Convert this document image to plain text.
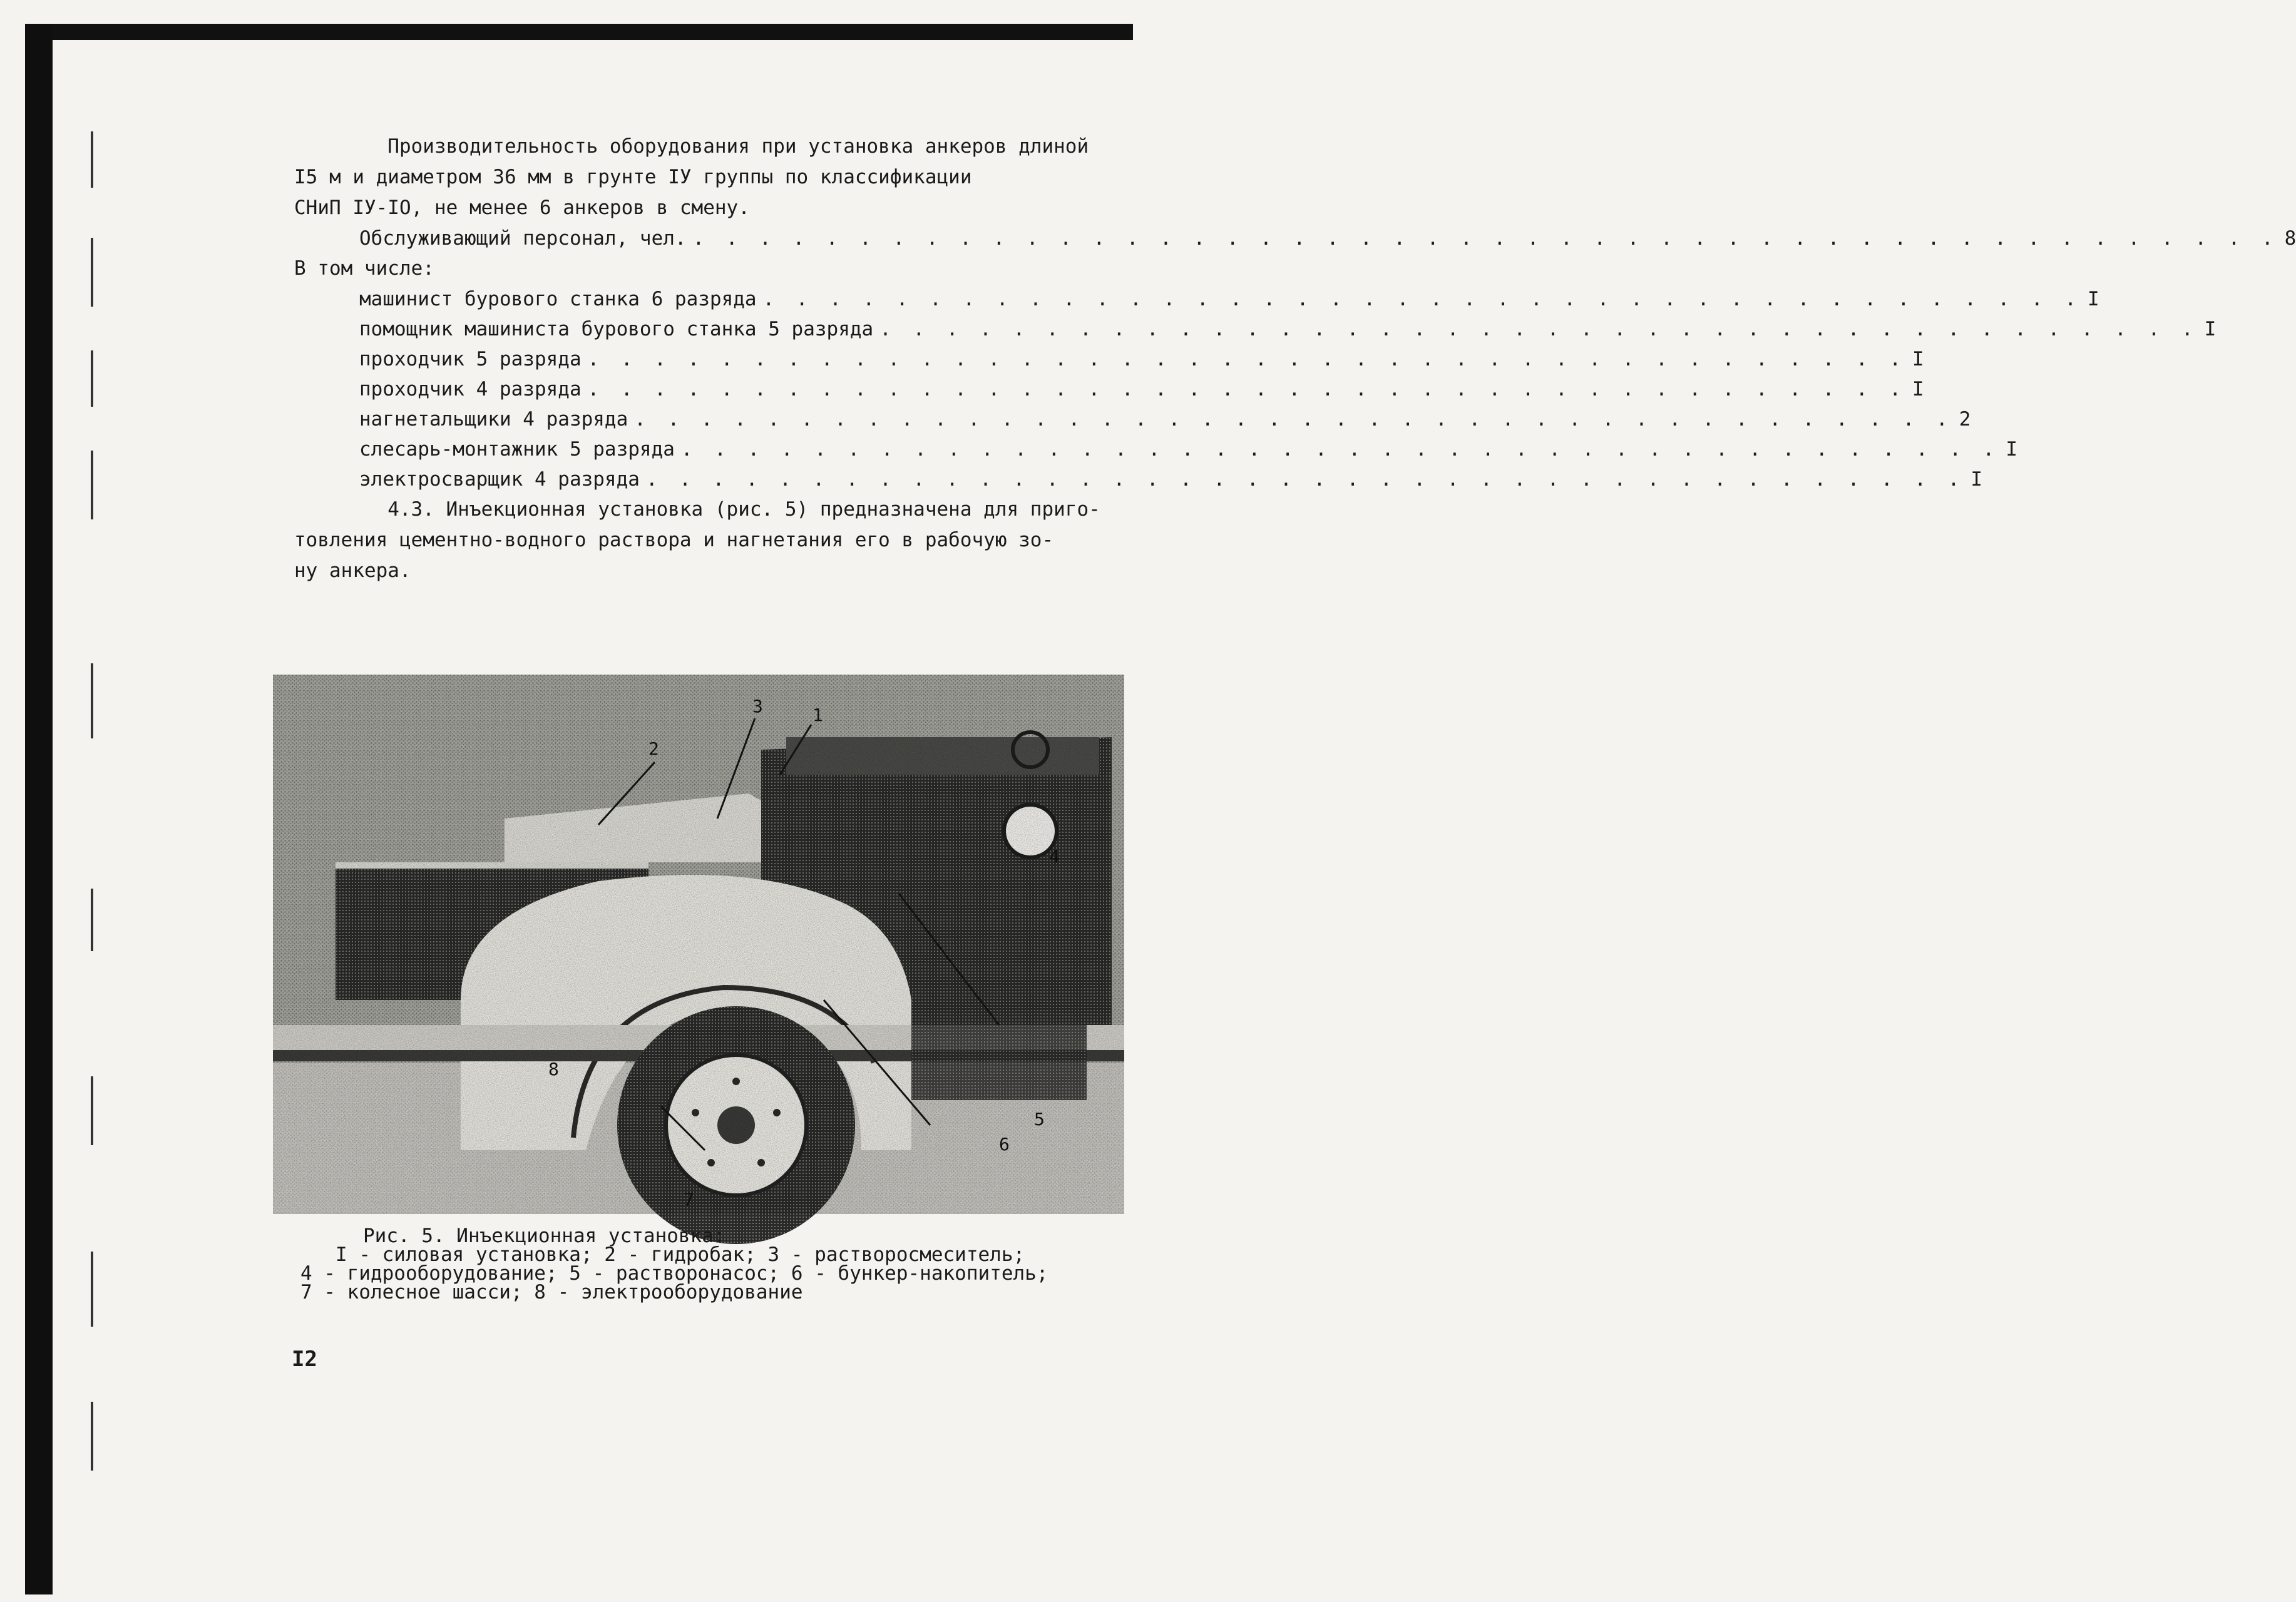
Производительность оборудования при установка анкеров длиной
I5 м и диаметром 36 мм в грунте IУ группы по классификации
СНиП IУ-IO, не менее 6 анкеров в смену.
Обслуживающий персонал, чел. . . . . . . . . . . . . . . . . . . . . . . . . . . . . . . . . . . . . . . . . . . . . . . . . 8
В том числе:
машинист бурового станка 6 разряда . . . . . . . . . . . . . . . . . . . . . . . . . . . . . . . . . . . . . . . . I
помощник машиниста бурового станка 5 разряда . . . . . . . . . . . . . . . . . . . . . . . . . . . . . . . . . . . . . . . . I
проходчик 5 разряда . . . . . . . . . . . . . . . . . . . . . . . . . . . . . . . . . . . . . . . . I
проходчик 4 разряда . . . . . . . . . . . . . . . . . . . . . . . . . . . . . . . . . . . . . . . . I
нагнетальщики 4 разряда . . . . . . . . . . . . . . . . . . . . . . . . . . . . . . . . . . . . . . . . 2
слесарь-монтажник 5 разряда . . . . . . . . . . . . . . . . . . . . . . . . . . . . . . . . . . . . . . . . I
электросварщик 4 разряда . . . . . . . . . . . . . . . . . . . . . . . . . . . . . . . . . . . . . . . . I
4.3. Инъекционная установка (рис. 5) предназначена для приго-
товления цементно-водного раствора и нагнетания его в рабочую зо-
ну анкера.
2
3	1
4
5
6
7
8
Рис. 5. Инъекционная установка:
I - силовая установка; 2 - гидробак; 3 - растворосмеситель;
4 - гидрооборудование; 5 - растворонасос; 6 - бункер-накопитель;
7 - колесное шасси; 8 - электрооборудование
I2
